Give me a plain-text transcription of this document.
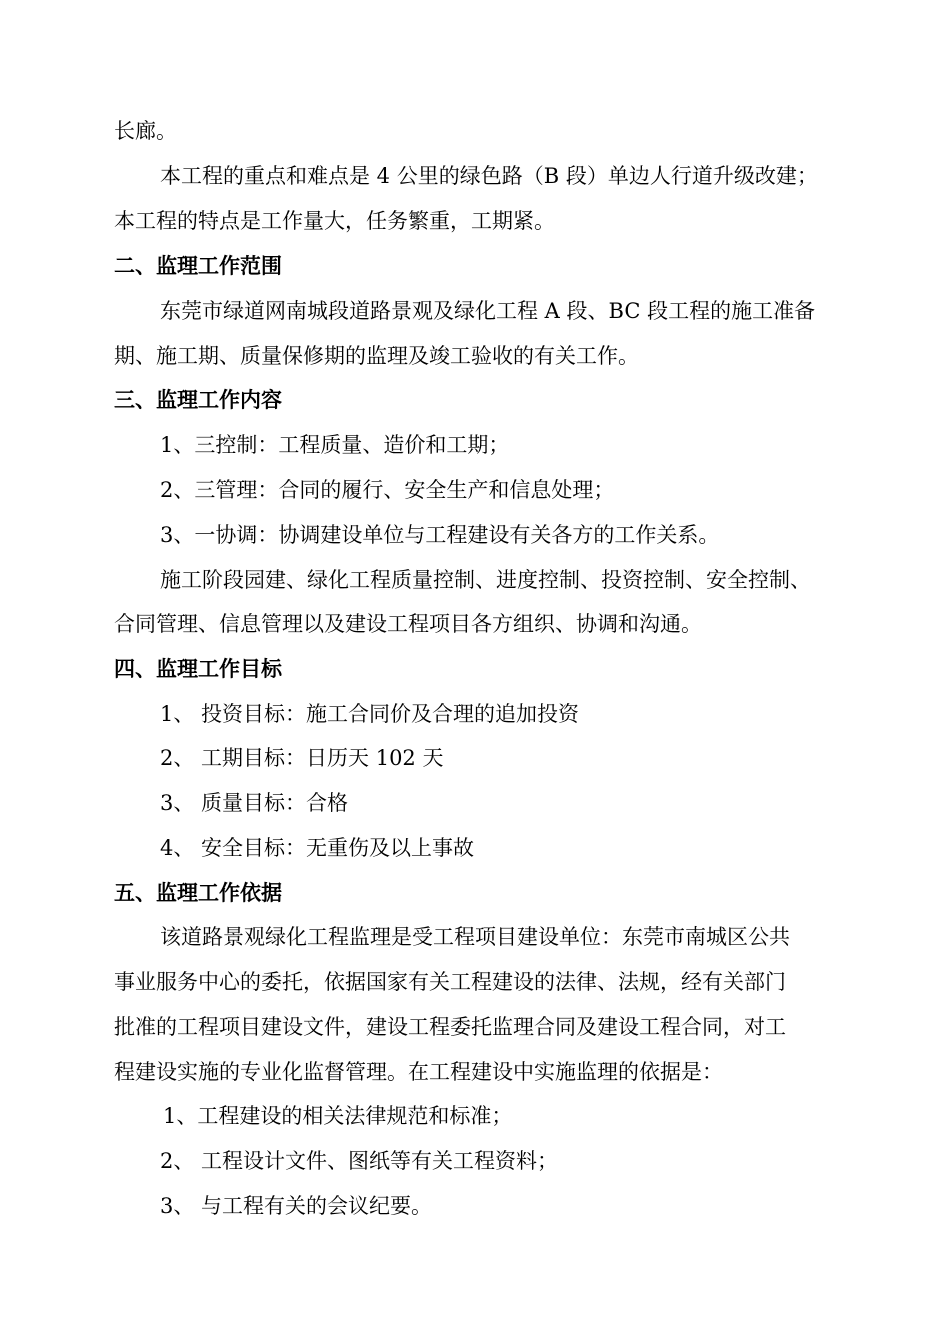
长廊。
本工程的重点和难点是 4 公里的绿色路（B 段）单边人行道升级改建；
本工程的特点是工作量大，任务繁重，工期紧。
二、监理工作范围
东莞市绿道网南城段道路景观及绿化工程 A 段、BC 段工程的施工准备
期、施工期、质量保修期的监理及竣工验收的有关工作。
三、监理工作内容
1、三控制：工程质量、造价和工期；
2、三管理：合同的履行、安全生产和信息处理；
3、一协调：协调建设单位与工程建设有关各方的工作关系。
施工阶段园建、绿化工程质量控制、进度控制、投资控制、安全控制、
合同管理、信息管理以及建设工程项目各方组织、协调和沟通。
四、监理工作目标
1、 投资目标：施工合同价及合理的追加投资
2、 工期目标：日历天 102 天
3、 质量目标：合格
4、 安全目标：无重伤及以上事故
五、监理工作依据
该道路景观绿化工程监理是受工程项目建设单位：东莞市南城区公共
事业服务中心的委托，依据国家有关工程建设的法律、法规，经有关部门
批准的工程项目建设文件，建设工程委托监理合同及建设工程合同，对工
程建设实施的专业化监督管理。在工程建设中实施监理的依据是：
1、工程建设的相关法律规范和标准；
2、 工程设计文件、图纸等有关工程资料；
3、 与工程有关的会议纪要。
